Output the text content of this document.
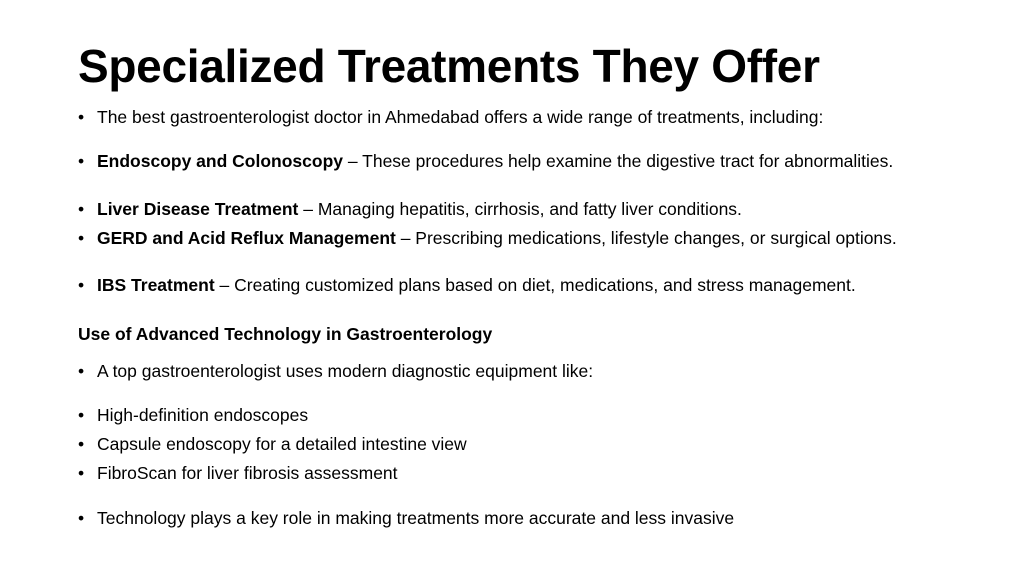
Specialized Treatments They Offer
• The best gastroenterologist doctor in Ahmedabad offers a wide range of treatments, including:
• Endoscopy and Colonoscopy – These procedures help examine the digestive tract for abnormalities.
• Liver Disease Treatment – Managing hepatitis, cirrhosis, and fatty liver conditions.
• GERD and Acid Reflux Management – Prescribing medications, lifestyle changes, or surgical options.
• IBS Treatment – Creating customized plans based on diet, medications, and stress management.
Use of Advanced Technology in Gastroenterology
• A top gastroenterologist uses modern diagnostic equipment like:
• High-definition endoscopes
• Capsule endoscopy for a detailed intestine view
• FibroScan for liver fibrosis assessment
• Technology plays a key role in making treatments more accurate and less invasive
